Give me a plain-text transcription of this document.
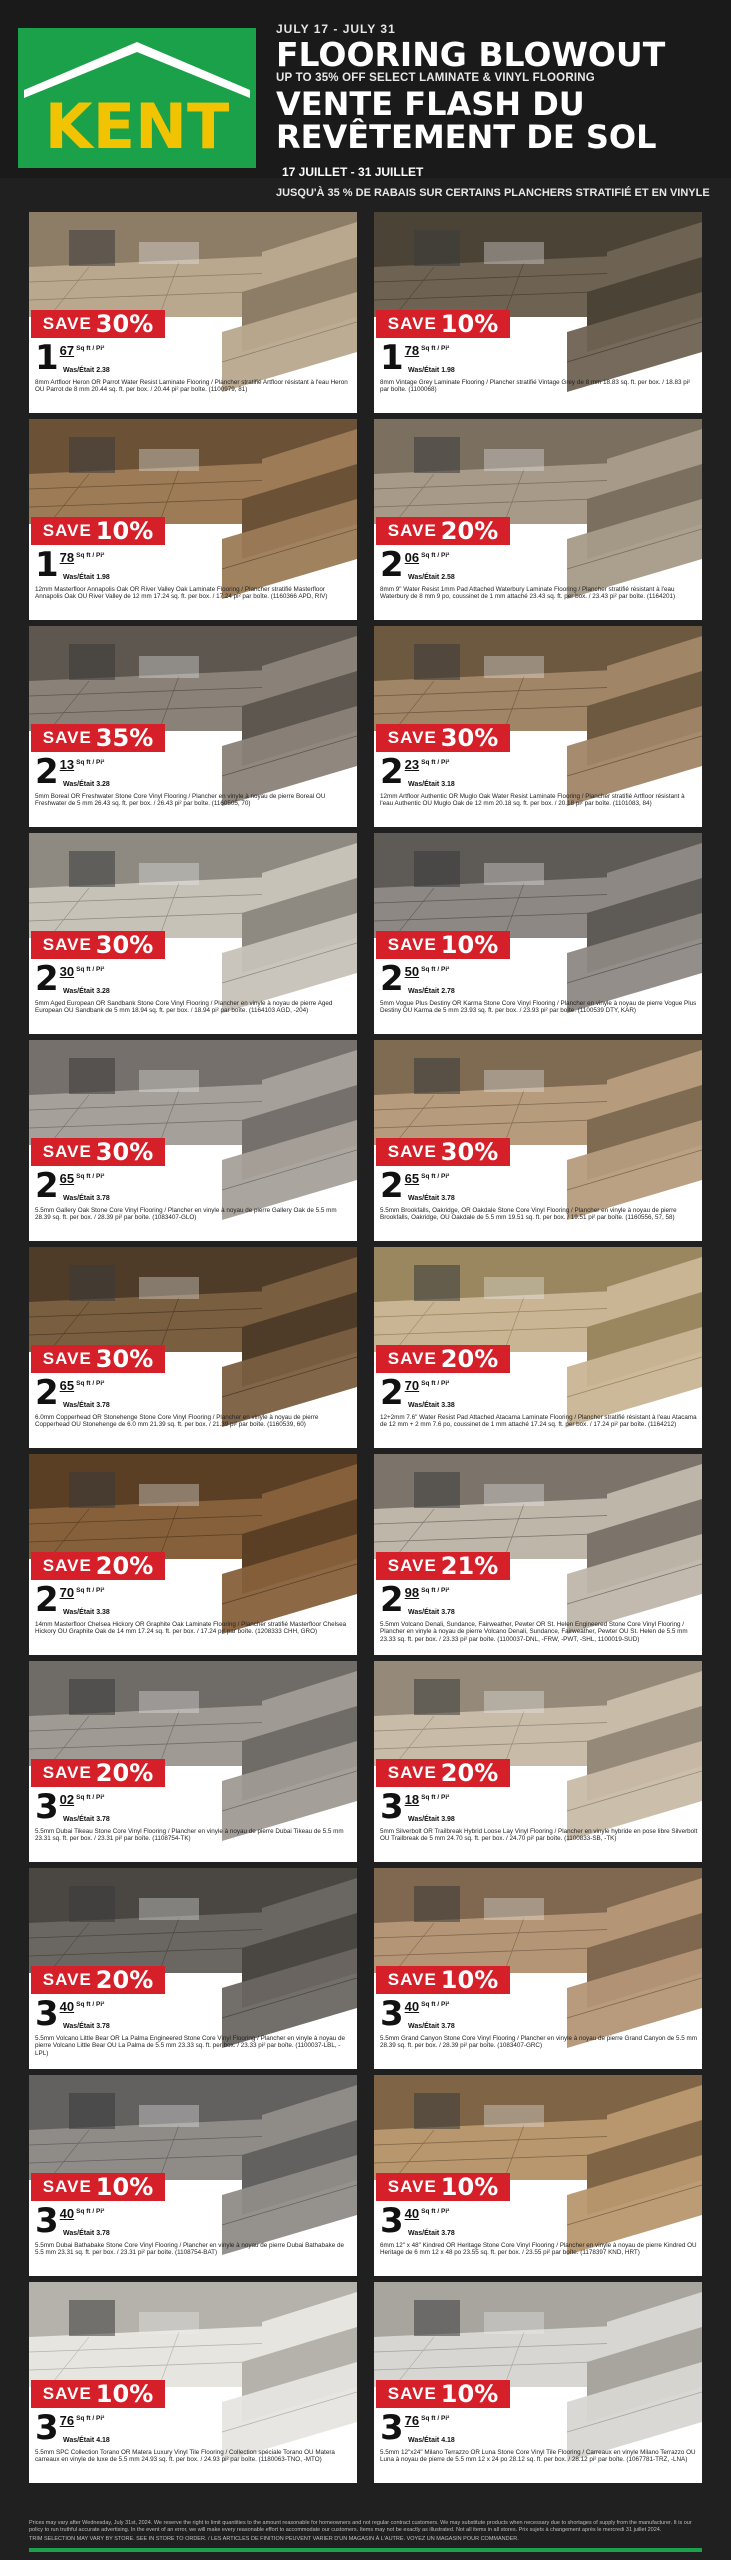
KENT
JULY 17 - JULY 31
FLOORING BLOWOUT
UP TO 35% OFF SELECT LAMINATE & VINYL FLOORING
VENTE FLASH DU REVÊTEMENT DE SOL17 JUILLET - 31 JUILLET
JUSQU'À 35 % DE RABAIS SUR CERTAINS PLANCHERS STRATIFIÉ ET EN VINYLE
SAVE 30%
1 67 Sq ft / Pi²
Was/Était 2.38
8mm Artfloor Heron OR Parrot Water Resist Laminate Flooring / Plancher stratifié Artfloor résistant à l'eau Heron OU Parrot de 8 mm 20.44 sq. ft. per box. / 20.44 pi² par boîte. (1100979, 81)
SAVE 10%
1 78 Sq ft / Pi²
Was/Était 1.98
8mm Vintage Grey Laminate Flooring / Plancher stratifié Vintage Grey de 8 mm 18.83 sq. ft. per box. / 18.83 pi² par boîte. (1100068)
SAVE 10%
1 78 Sq ft / Pi²
Was/Était 1.98
12mm Masterfloor Annapolis Oak OR River Valley Oak Laminate Flooring / Plancher stratifié Masterfloor Annapolis Oak OU River Valley de 12 mm 17.24 sq. ft. per box. / 17.24 pi² par boîte. (1160366 APD, RIV)
SAVE 20%
2 06 Sq ft / Pi²
Was/Était 2.58
8mm 9" Water Resist 1mm Pad Attached Waterbury Laminate Flooring / Plancher stratifié résistant à l'eau Waterbury de 8 mm 9 po, coussinet de 1 mm attaché 23.43 sq. ft. per box. / 23.43 pi² par boîte. (1164201)
SAVE 35%
2 13 Sq ft / Pi²
Was/Était 3.28
5mm Boreal OR Freshwater Stone Core Vinyl Flooring / Plancher en vinyle à noyau de pierre Boreal OU Freshwater de 5 mm 26.43 sq. ft. per box. / 26.43 pi² par boîte. (1160505, 70)
SAVE 30%
2 23 Sq ft / Pi²
Was/Était 3.18
12mm Artfloor Authentic OR Muglo Oak Water Resist Laminate Flooring / Plancher stratifié Artfloor résistant à l'eau Authentic OU Muglo Oak de 12 mm 20.18 sq. ft. per box. / 20.18 pi² par boîte. (1101083, 84)
SAVE 30%
2 30 Sq ft / Pi²
Was/Était 3.28
5mm Aged European OR Sandbank Stone Core Vinyl Flooring / Plancher en vinyle à noyau de pierre Aged European OU Sandbank de 5 mm 18.94 sq. ft. per box. / 18.94 pi² par boîte. (1164103 AGD, -204)
SAVE 10%
2 50 Sq ft / Pi²
Was/Était 2.78
5mm Vogue Plus Destiny OR Karma Stone Core Vinyl Flooring / Plancher en vinyle à noyau de pierre Vogue Plus Destiny OU Karma de 5 mm 23.93 sq. ft. per box. / 23.93 pi² par boîte. (1100539 DTY, KAR)
SAVE 30%
2 65 Sq ft / Pi²
Was/Était 3.78
5.5mm Gallery Oak Stone Core Vinyl Flooring / Plancher en vinyle à noyau de pierre Gallery Oak de 5.5 mm 28.39 sq. ft. per box. / 28.39 pi² par boîte. (1083407-GLO)
SAVE 30%
2 65 Sq ft / Pi²
Was/Était 3.78
5.5mm Brookfalls, Oakridge, OR Oakdale Stone Core Vinyl Flooring / Plancher en vinyle à noyau de pierre Brookfalls, Oakridge, OU Oakdale de 5.5 mm 19.51 sq. ft. per box. / 19.51 pi² par boîte. (1160556, 57, 58)
SAVE 30%
2 65 Sq ft / Pi²
Was/Était 3.78
6.0mm Copperhead OR Stonehenge Stone Core Vinyl Flooring / Plancher en vinyle à noyau de pierre Copperhead OU Stonehenge de 6.0 mm 21.39 sq. ft. per box. / 21.39 pi² par boîte. (1160539, 60)
SAVE 20%
2 70 Sq ft / Pi²
Was/Était 3.38
12+2mm 7.6" Water Resist Pad Attached Atacama Laminate Flooring / Plancher stratifié résistant à l'eau Atacama de 12 mm + 2 mm 7.6 po, coussinet de 1 mm attaché 17.24 sq. ft. per box. / 17.24 pi² par boîte. (1164212)
SAVE 20%
2 70 Sq ft / Pi²
Was/Était 3.38
14mm Masterfloor Chelsea Hickory OR Graphite Oak Laminate Flooring / Plancher stratifié Masterfloor Chelsea Hickory OU Graphite Oak de 14 mm 17.24 sq. ft. per box. / 17.24 pi² par boîte. (1208333 CHH, GRO)
SAVE 21%
2 98 Sq ft / Pi²
Was/Était 3.78
5.5mm Volcano Denali, Sundance, Fairweather, Pewter OR St. Helen Engineered Stone Core Vinyl Flooring / Plancher en vinyle à noyau de pierre Volcano Denali, Sundance, Fairweather, Pewter OU St. Helen de 5.5 mm 23.33 sq. ft. per box. / 23.33 pi² par boîte. (1100037-DNL, -FRW, -PWT, -SHL, 1100019-SUD)
SAVE 20%
3 02 Sq ft / Pi²
Was/Était 3.78
5.5mm Dubai Tikeau Stone Core Vinyl Flooring / Plancher en vinyle à noyau de pierre Dubai Tikeau de 5.5 mm 23.31 sq. ft. per box. / 23.31 pi² par boîte. (1108754-TK)
SAVE 20%
3 18 Sq ft / Pi²
Was/Était 3.98
5mm Silverbolt OR Trailbreak Hybrid Loose Lay Vinyl Flooring / Plancher en vinyle hybride en pose libre Silverbolt OU Trailbreak de 5 mm 24.70 sq. ft. per box. / 24.70 pi² par boîte. (1100833-SB, -TK)
SAVE 20%
3 40 Sq ft / Pi²
Was/Était 3.78
5.5mm Volcano Little Bear OR La Palma Engineered Stone Core Vinyl Flooring / Plancher en vinyle à noyau de pierre Volcano Little Bear OU La Palma de 5.5 mm 23.33 sq. ft. per box. / 23.33 pi² par boîte. (1100037-LBL, -LPL)
SAVE 10%
3 40 Sq ft / Pi²
Was/Était 3.78
5.5mm Grand Canyon Stone Core Vinyl Flooring / Plancher en vinyle à noyau de pierre Grand Canyon de 5.5 mm 28.39 sq. ft. per box. / 28.39 pi² par boîte. (1083407-GRC)
SAVE 10%
3 40 Sq ft / Pi²
Was/Était 3.78
5.5mm Dubai Bathabake Stone Core Vinyl Flooring / Plancher en vinyle à noyau de pierre Dubai Bathabake de 5.5 mm 23.31 sq. ft. per box. / 23.31 pi² par boîte. (1108754-BAT)
SAVE 10%
3 40 Sq ft / Pi²
Was/Était 3.78
6mm 12" x 48" Kindred OR Heritage Stone Core Vinyl Flooring / Plancher en vinyle à noyau de pierre Kindred OU Heritage de 6 mm 12 x 48 po 23.55 sq. ft. per box. / 23.55 pi² par boîte. (1178397 KND, HRT)
SAVE 10%
3 76 Sq ft / Pi²
Was/Était 4.18
5.5mm SPC Collection Torano OR Matera Luxury Vinyl Tile Flooring / Collection spéciale Torano OU Matera carreaux en vinyle de luxe de 5.5 mm 24.93 sq. ft. per box. / 24.93 pi² par boîte. (1180063-TNO, -MTO)
SAVE 10%
3 76 Sq ft / Pi²
Was/Était 4.18
5.5mm 12"x24" Milano Terrazzo OR Luna Stone Core Vinyl Tile Flooring / Carreaux en vinyle Milano Terrazzo OU Luna à noyau de pierre de 5.5 mm 12 x 24 po 28.12 sq. ft. per box. / 28.12 pi² par boîte. (1067781-TRZ, -LNA)
Prices may vary after Wednesday, July 31st, 2024. We reserve the right to limit quantities to the amount reasonable for homeowners and not regular contract customers. We may substitute products when necessary due to shortages of supply from the manufacturer. It is our policy to run truthful accurate advertising. In the event of an error, we will make every reasonable effort to accommodate our customers. Items may not be exactly as illustrated. Not all items in all stores. Prix sujets à changement après le mercredi 31 juillet 2024.
TRIM SELECTION MAY VARY BY STORE. SEE IN STORE TO ORDER. / LES ARTICLES DE FINITION PEUVENT VARIER D'UN MAGASIN À L'AUTRE. VOYEZ UN MAGASIN POUR COMMANDER.
